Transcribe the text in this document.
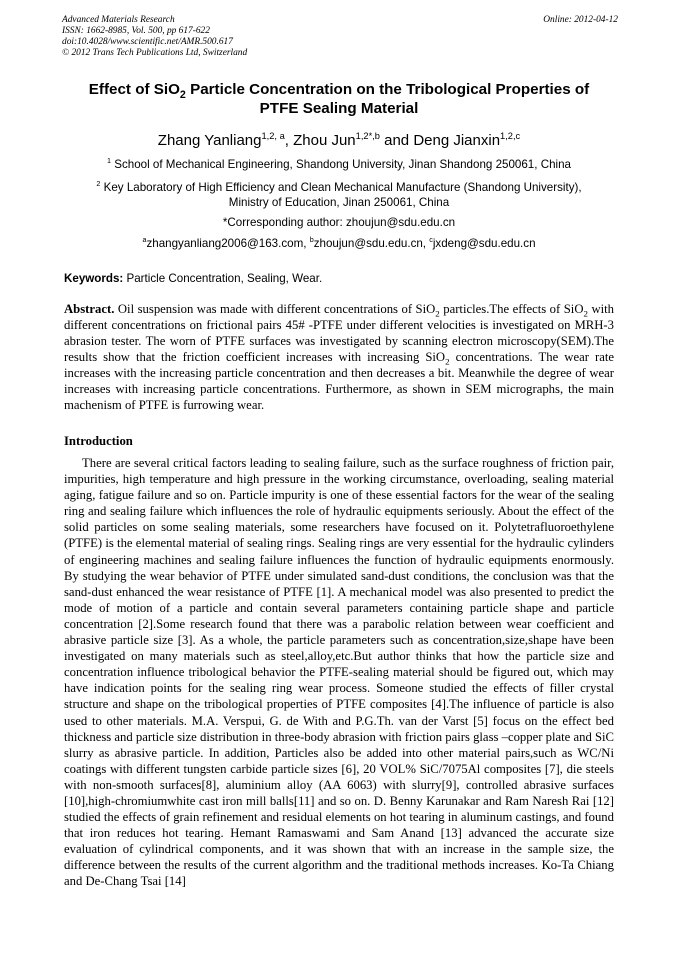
Advanced Materials Research
ISSN: 1662-8985, Vol. 500, pp 617-622
doi:10.4028/www.scientific.net/AMR.500.617
© 2012 Trans Tech Publications Ltd, Switzerland
Online: 2012-04-12
Effect of SiO$_2$ Particle Concentration on the Tribological Properties of
PTFE Sealing Material
Zhang Yanliang$^{1,2, a}$, Zhou Jun$^{1,2*,b}$ and Deng Jianxin$^{1,2,c}$
$^1$ School of Mechanical Engineering, Shandong University, Jinan Shandong 250061, China
$^2$ Key Laboratory of High Efficiency and Clean Mechanical Manufacture (Shandong University),
Ministry of Education, Jinan 250061, China
*Corresponding author: zhoujun@sdu.edu.cn
$^a$zhangyanliang2006@163.com, $^b$zhoujun@sdu.edu.cn, $^c$jxdeng@sdu.edu.cn
Keywords: Particle Concentration, Sealing, Wear.
Abstract. Oil suspension was made with different concentrations of SiO$_2$ particles.The effects of SiO$_2$ with different concentrations on frictional pairs 45# -PTFE under different velocities is investigated on MRH-3 abrasion tester. The worn of PTFE surfaces was investigated by scanning electron microscopy(SEM).The results show that the friction coefficient increases with increasing SiO$_2$ concentrations. The wear rate increases with the increasing particle concentration and then decreases a bit. Meanwhile the degree of wear increases with increasing particle concentrations. Furthermore, as shown in SEM micrographs, the main machenism of PTFE is furrowing wear.
Introduction
There are several critical factors leading to sealing failure, such as the surface roughness of friction pair, impurities, high temperature and high pressure in the working circumstance, overloading, sealing material aging, fatigue failure and so on. Particle impurity is one of these essential factors for the wear of the sealing ring and sealing failure which influences the role of hydraulic equipments seriously. About the effect of the solid particles on some sealing materials, some researchers have focused on it. Polytetrafluoroethylene (PTFE) is the elemental material of sealing rings. Sealing rings are very essential for the hydraulic cylinders of engineering machines and sealing failure influences the function of hydraulic equipments enormously. By studying the wear behavior of PTFE under simulated sand-dust conditions, the conclusion was that the sand-dust enhanced the wear resistance of PTFE [1]. A mechanical model was also presented to predict the mode of motion of a particle and contain several parameters containing particle shape and particle concentration [2].Some research found that there was a parabolic relation between wear coefficient and abrasive particle size [3]. As a whole, the particle parameters such as concentration,size,shape have been investigated on many materials such as steel,alloy,etc.But author thinks that how the particle size and concentration influence tribological behavior the PTFE-sealing material should be figured out, which may have indication points for the sealing ring wear process. Someone studied the effects of filler crystal structure and shape on the tribological properties of PTFE composites [4].The influence of particle is also used to other materials. M.A. Verspui, G. de With and P.G.Th. van der Varst [5] focus on the effect bed thickness and particle size distribution in three-body abrasion with friction pairs glass –copper plate and SiC slurry as abrasive particle. In addition, Particles also be added into other material pairs,such as WC/Ni coatings with different tungsten carbide particle sizes [6], 20 VOL% SiC/7075Al composites [7], die steels with non-smooth surfaces[8], aluminium alloy (AA 6063) with slurry[9], controlled abrasive surfaces [10],high-chromiumwhite cast iron mill balls[11] and so on. D. Benny Karunakar and Ram Naresh Rai [12] studied the effects of grain refinement and residual elements on hot tearing in aluminum castings, and found that iron reduces hot tearing. Hemant Ramaswami and Sam Anand [13] advanced the accurate size evaluation of cylindrical components, and it was shown that with an increase in the sample size, the difference between the results of the current algorithm and the traditional methods increases. Ko-Ta Chiang and De-Chang Tsai [14]
